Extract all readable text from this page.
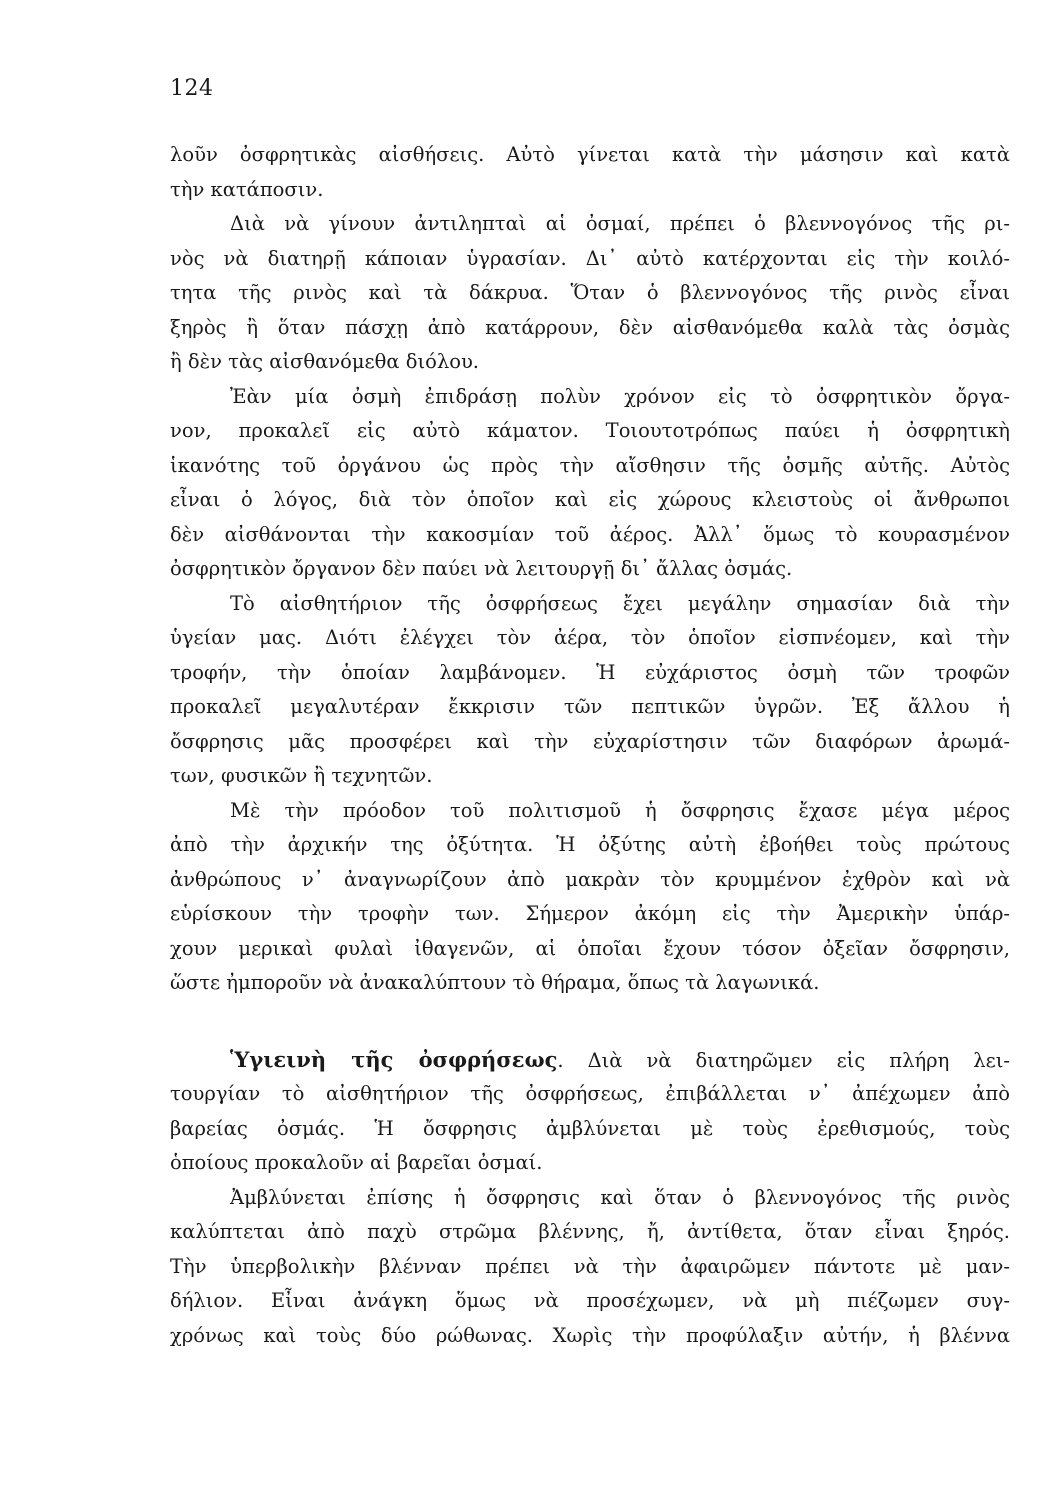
124
λοῦν ὀσφρητικὰς αἰσθήσεις. Αὐτὸ γίνεται κατὰ τὴν μάσησιν καὶ κατὰ
τὴν κατάποσιν.
Διὰ νὰ γίνουν ἀντιληπταὶ αἱ ὀσμαί, πρέπει ὁ βλεννογόνος τῆς ρι-
νὸς νὰ διατηρῇ κάποιαν ὑγρασίαν. Δι᾽ αὐτὸ κατέρχονται εἰς τὴν κοιλό-
τητα τῆς ρινὸς καὶ τὰ δάκρυα. Ὅταν ὁ βλεννογόνος τῆς ρινὸς εἶναι
ξηρὸς ἢ ὅταν πάσχῃ ἀπὸ κατάρρουν, δὲν αἰσθανόμεθα καλὰ τὰς ὀσμὰς
ἢ δὲν τὰς αἰσθανόμεθα διόλου.
Ἐὰν μία ὀσμὴ ἐπιδράσῃ πολὺν χρόνον εἰς τὸ ὀσφρητικὸν ὄργα-
νον, προκαλεῖ εἰς αὐτὸ κάματον. Τοιουτοτρόπως παύει ἡ ὀσφρητικὴ
ἱκανότης τοῦ ὀργάνου ὡς πρὸς τὴν αἴσθησιν τῆς ὀσμῆς αὐτῆς. Αὐτὸς
εἶναι ὁ λόγος, διὰ τὸν ὁποῖον καὶ εἰς χώρους κλειστοὺς οἱ ἄνθρωποι
δὲν αἰσθάνονται τὴν κακοσμίαν τοῦ ἀέρος. Ἀλλ᾽ ὅμως τὸ κουρασμένον
ὀσφρητικὸν ὄργανον δὲν παύει νὰ λειτουργῇ δι᾽ ἄλλας ὀσμάς.
Τὸ αἰσθητήριον τῆς ὀσφρήσεως ἔχει μεγάλην σημασίαν διὰ τὴν
ὑγείαν μας. Διότι ἐλέγχει τὸν ἀέρα, τὸν ὁποῖον εἰσπνέομεν, καὶ τὴν
τροφήν, τὴν ὁποίαν λαμβάνομεν. Ἡ εὐχάριστος ὀσμὴ τῶν τροφῶν
προκαλεῖ μεγαλυτέραν ἔκκρισιν τῶν πεπτικῶν ὑγρῶν. Ἐξ ἄλλου ἡ
ὄσφρησις μᾶς προσφέρει καὶ τὴν εὐχαρίστησιν τῶν διαφόρων ἀρωμά-
των, φυσικῶν ἢ τεχνητῶν.
Μὲ τὴν πρόοδον τοῦ πολιτισμοῦ ἡ ὄσφρησις ἔχασε μέγα μέρος
ἀπὸ τὴν ἀρχικήν της ὀξύτητα. Ἡ ὀξύτης αὐτὴ ἐβοήθει τοὺς πρώτους
ἀνθρώπους ν᾽ ἀναγνωρίζουν ἀπὸ μακρὰν τὸν κρυμμένον ἐχθρὸν καὶ νὰ
εὑρίσκουν τὴν τροφὴν των. Σήμερον ἀκόμη εἰς τὴν Ἀμερικὴν ὑπάρ-
χουν μερικαὶ φυλαὶ ἰθαγενῶν, αἱ ὁποῖαι ἔχουν τόσον ὀξεῖαν ὄσφρησιν,
ὥστε ἠμποροῦν νὰ ἀνακαλύπτουν τὸ θήραμα, ὅπως τὰ λαγωνικά.
Ὑγιεινὴ τῆς ὀσφρήσεως. Διὰ νὰ διατηρῶμεν εἰς πλήρη λει-
τουργίαν τὸ αἰσθητήριον τῆς ὀσφρήσεως, ἐπιβάλλεται ν᾽ ἀπέχωμεν ἀπὸ
βαρείας ὀσμάς. Ἡ ὄσφρησις ἀμβλύνεται μὲ τοὺς ἐρεθισμούς, τοὺς
ὁποίους προκαλοῦν αἱ βαρεῖαι ὀσμαί.
Ἀμβλύνεται ἐπίσης ἡ ὄσφρησις καὶ ὅταν ὁ βλεννογόνος τῆς ρινὸς
καλύπτεται ἀπὸ παχὺ στρῶμα βλέννης, ἤ, ἀντίθετα, ὅταν εἶναι ξηρός.
Τὴν ὑπερβολικὴν βλένναν πρέπει νὰ τὴν ἀφαιρῶμεν πάντοτε μὲ μαν-
δήλιον. Εἶναι ἀνάγκη ὅμως νὰ προσέχωμεν, νὰ μὴ πιέζωμεν συγ-
χρόνως καὶ τοὺς δύο ρώθωνας. Χωρὶς τὴν προφύλαξιν αὐτήν, ἡ βλέννα
